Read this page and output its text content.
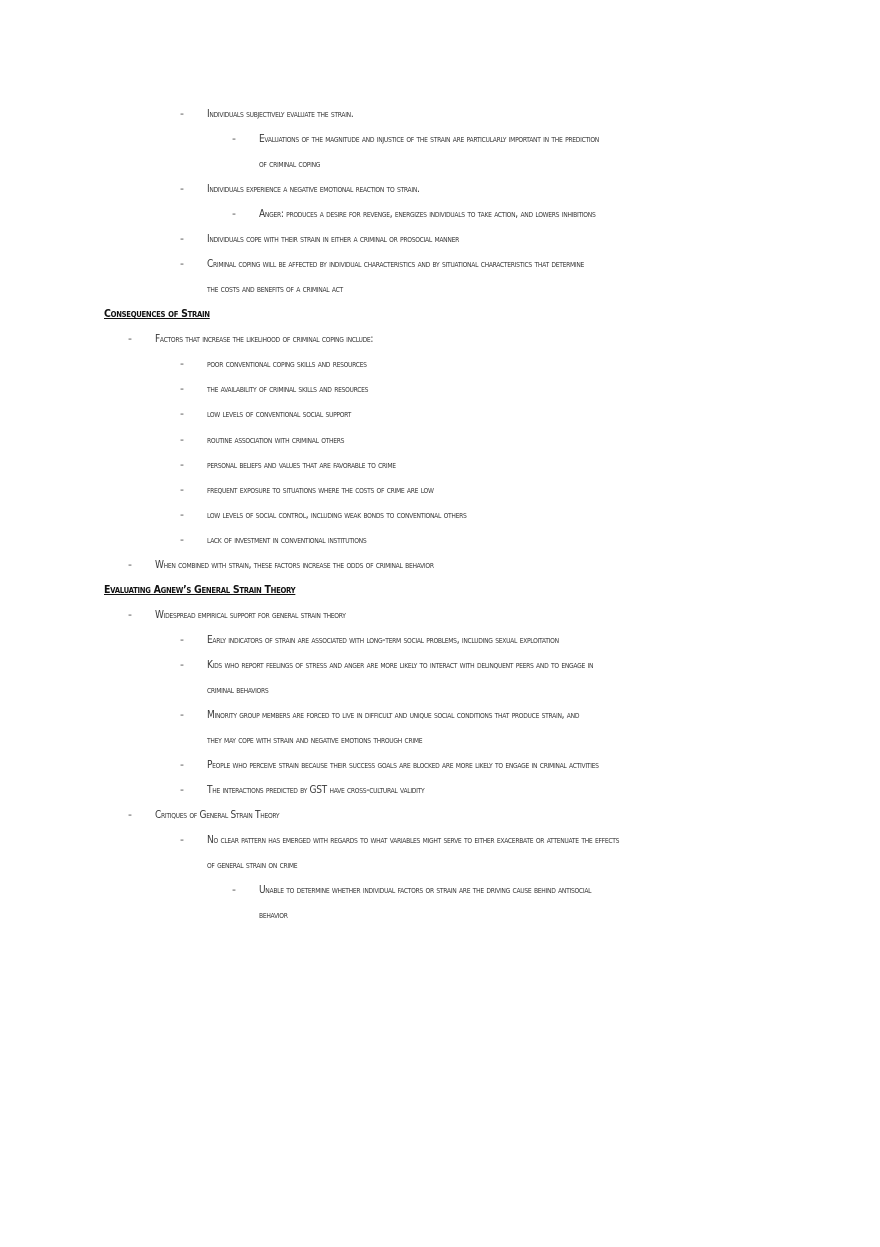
- Individuals subjectively evaluate the strain.
- Evaluations of the magnitude and injustice of the strain are particularly important in the prediction
of criminal coping
- Individuals experience a negative emotional reaction to strain.
- Anger: produces a desire for revenge, energizes individuals to take action, and lowers inhibitions
- Individuals cope with their strain in either a criminal or prosocial manner
- Criminal coping will be affected by individual characteristics and by situational characteristics that determine
the costs and benefits of a criminal act
Consequences of Strain
- Factors that increase the likelihood of criminal coping include:
- poor conventional coping skills and resources
- the availability of criminal skills and resources
- low levels of conventional social support
- routine association with criminal others
- personal beliefs and values that are favorable to crime
- frequent exposure to situations where the costs of crime are low
- low levels of social control, including weak bonds to conventional others
- lack of investment in conventional institutions
- When combined with strain, these factors increase the odds of criminal behavior
Evaluating Agnew’s General Strain Theory
- Widespread empirical support for general strain theory
- Early indicators of strain are associated with long-term social problems, including sexual exploitation
- Kids who report feelings of stress and anger are more likely to interact with delinquent peers and to engage in
criminal behaviors
- Minority group members are forced to live in difficult and unique social conditions that produce strain, and
they may cope with strain and negative emotions through crime
- People who perceive strain because their success goals are blocked are more likely to engage in criminal activities
- The interactions predicted by GST have cross-cultural validity
- Critiques of General Strain Theory
- No clear pattern has emerged with regards to what variables might serve to either exacerbate or attenuate the effects
of general strain on crime
- Unable to determine whether individual factors or strain are the driving cause behind antisocial
behavior
